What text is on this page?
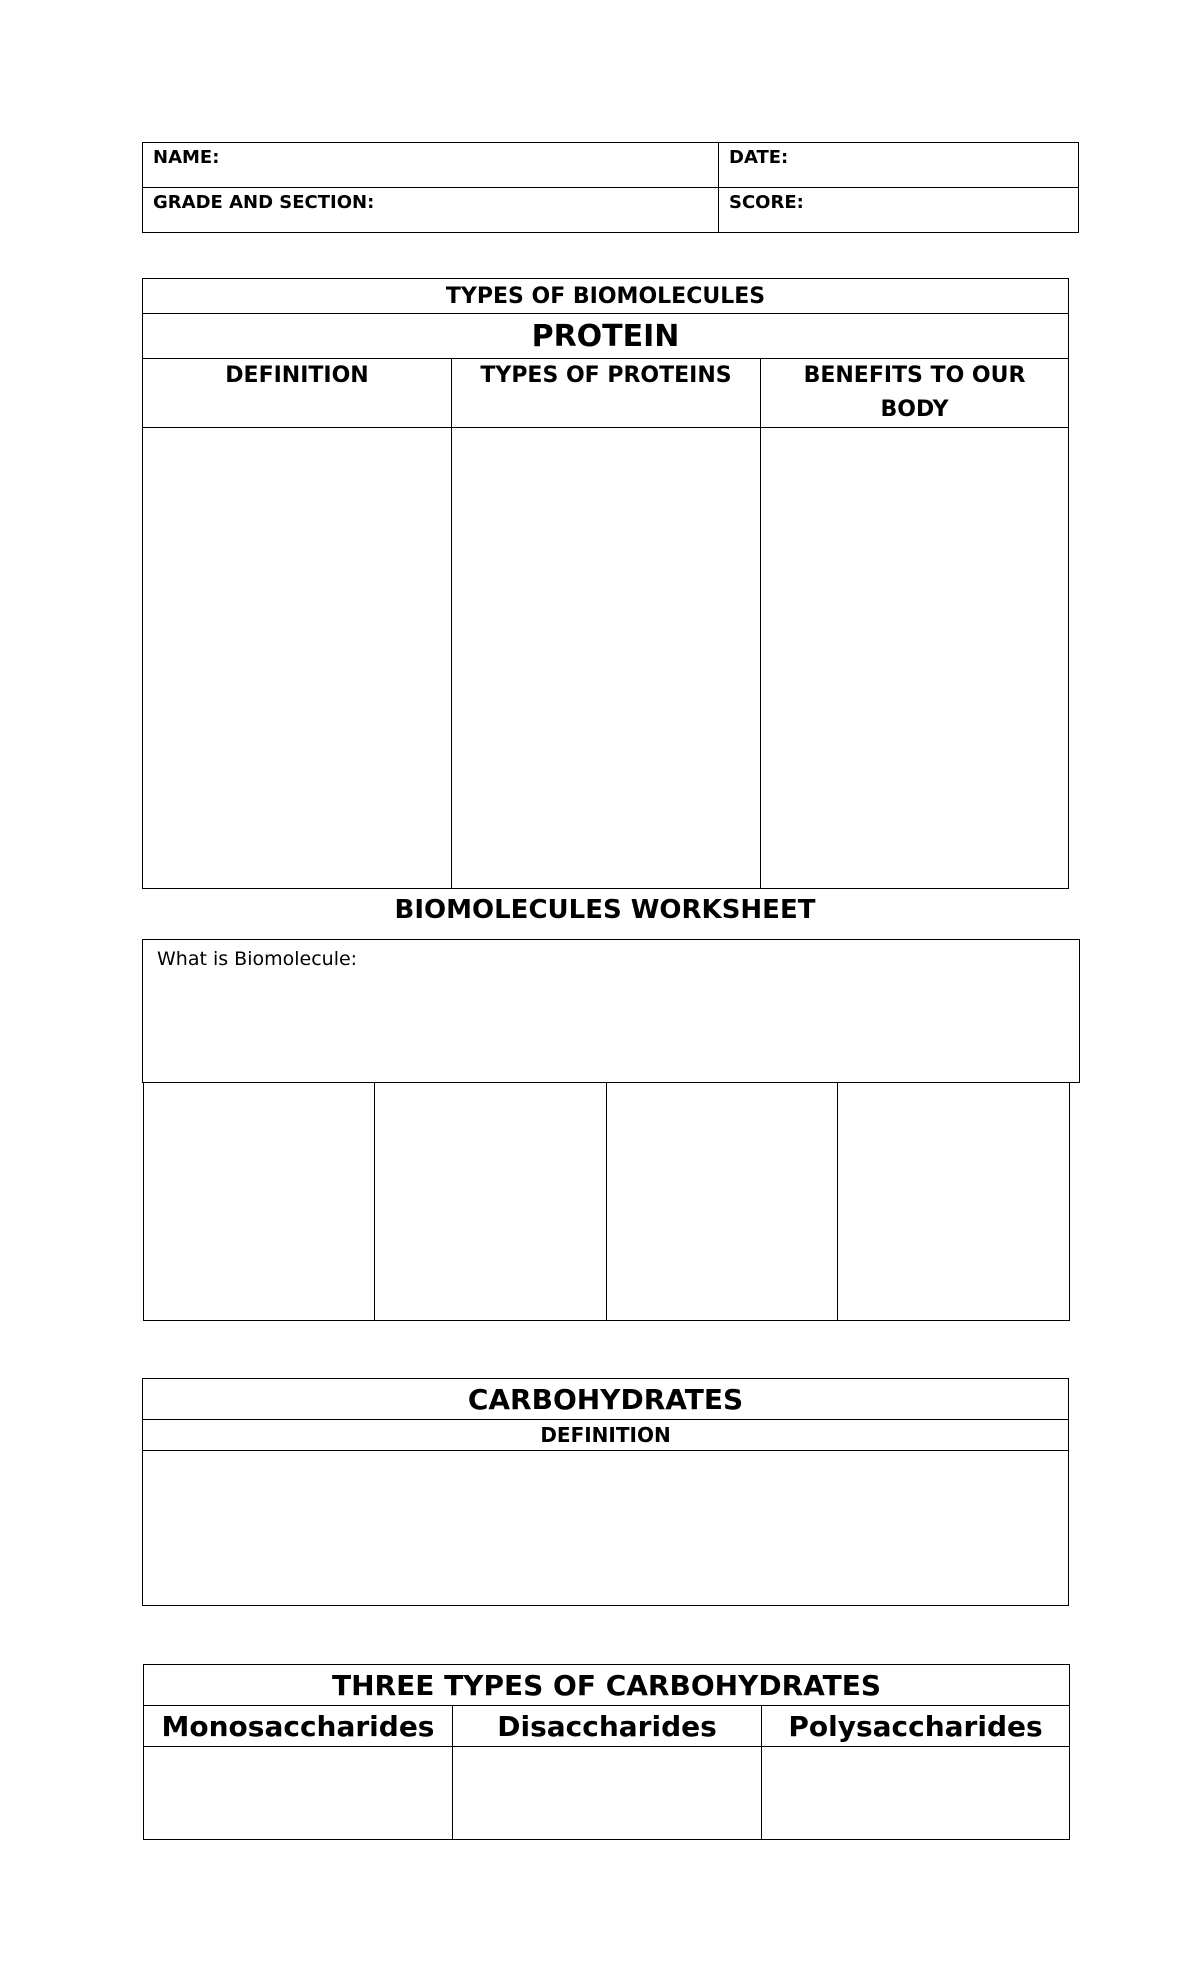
NAME:	DATE:
GRADE AND SECTION:	SCORE:
TYPES OF BIOMOLECULES		
PROTEIN		
DEFINITION	TYPES OF PROTEINS	BENEFITS TO OUR BODY

BIOMOLECULES WORKSHEET
What is Biomolecule:

CARBOHYDRATES
DEFINITION

THREE TYPES OF CARBOHYDRATES		
Monosaccharides	Disaccharides	Polysaccharides
